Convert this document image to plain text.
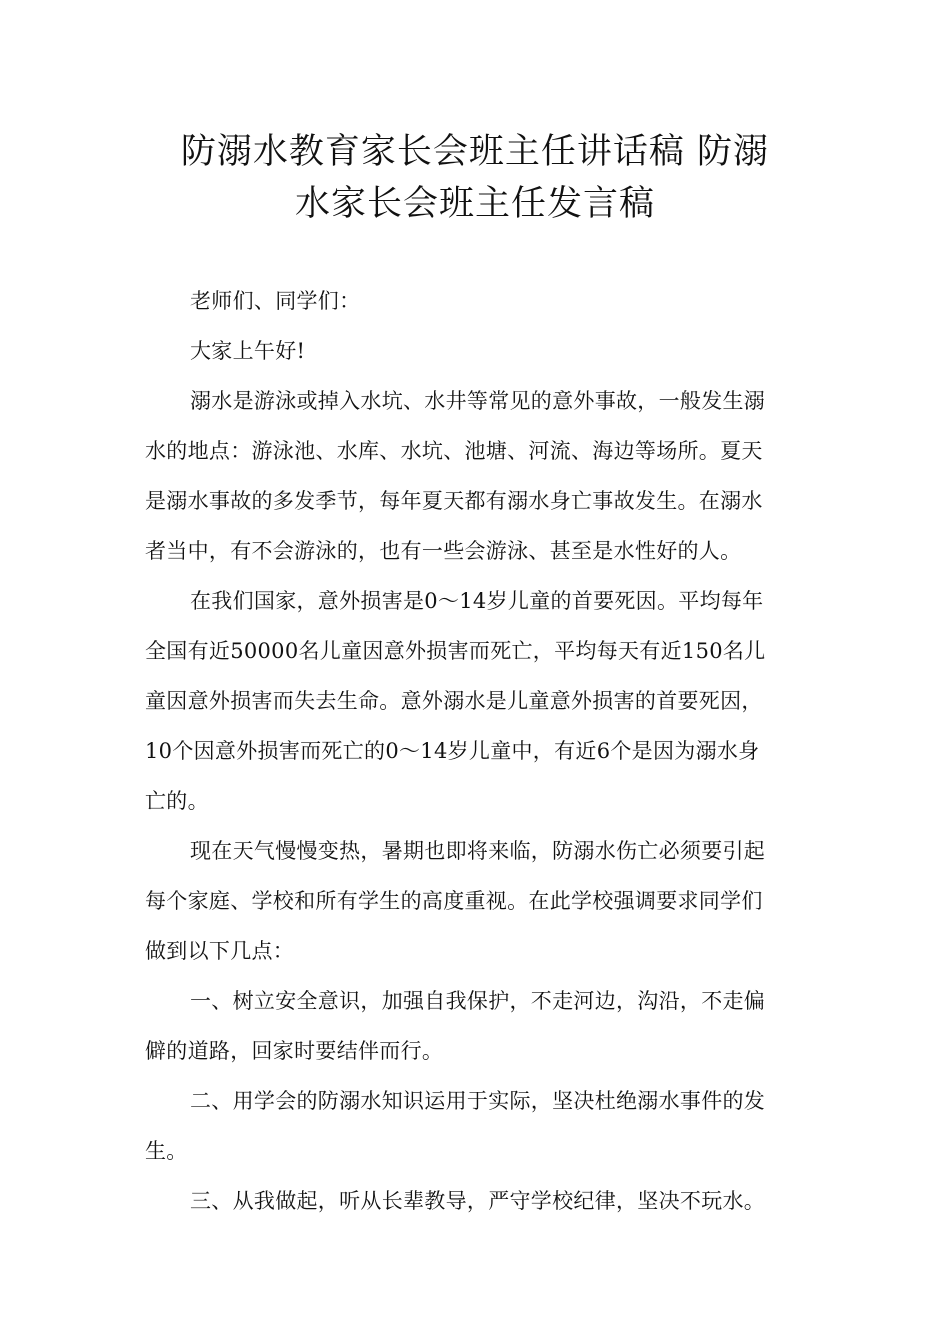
防溺水教育家长会班主任讲话稿 防溺
水家长会班主任发言稿
老师们、同学们：
大家上午好!
溺水是游泳或掉入水坑、水井等常见的意外事故，一般发生溺
水的地点：游泳池、水库、水坑、池塘、河流、海边等场所。夏天
是溺水事故的多发季节，每年夏天都有溺水身亡事故发生。在溺水
者当中，有不会游泳的，也有一些会游泳、甚至是水性好的人。
在我们国家，意外损害是0～14岁儿童的首要死因。平均每年
全国有近50000名儿童因意外损害而死亡，平均每天有近150名儿
童因意外损害而失去生命。意外溺水是儿童意外损害的首要死因，
10个因意外损害而死亡的0～14岁儿童中，有近6个是因为溺水身
亡的。
现在天气慢慢变热，暑期也即将来临，防溺水伤亡必须要引起
每个家庭、学校和所有学生的高度重视。在此学校强调要求同学们
做到以下几点：
一、树立安全意识，加强自我保护，不走河边，沟沿，不走偏
僻的道路，回家时要结伴而行。
二、用学会的防溺水知识运用于实际，坚决杜绝溺水事件的发
生。
三、从我做起，听从长辈教导，严守学校纪律，坚决不玩水。
